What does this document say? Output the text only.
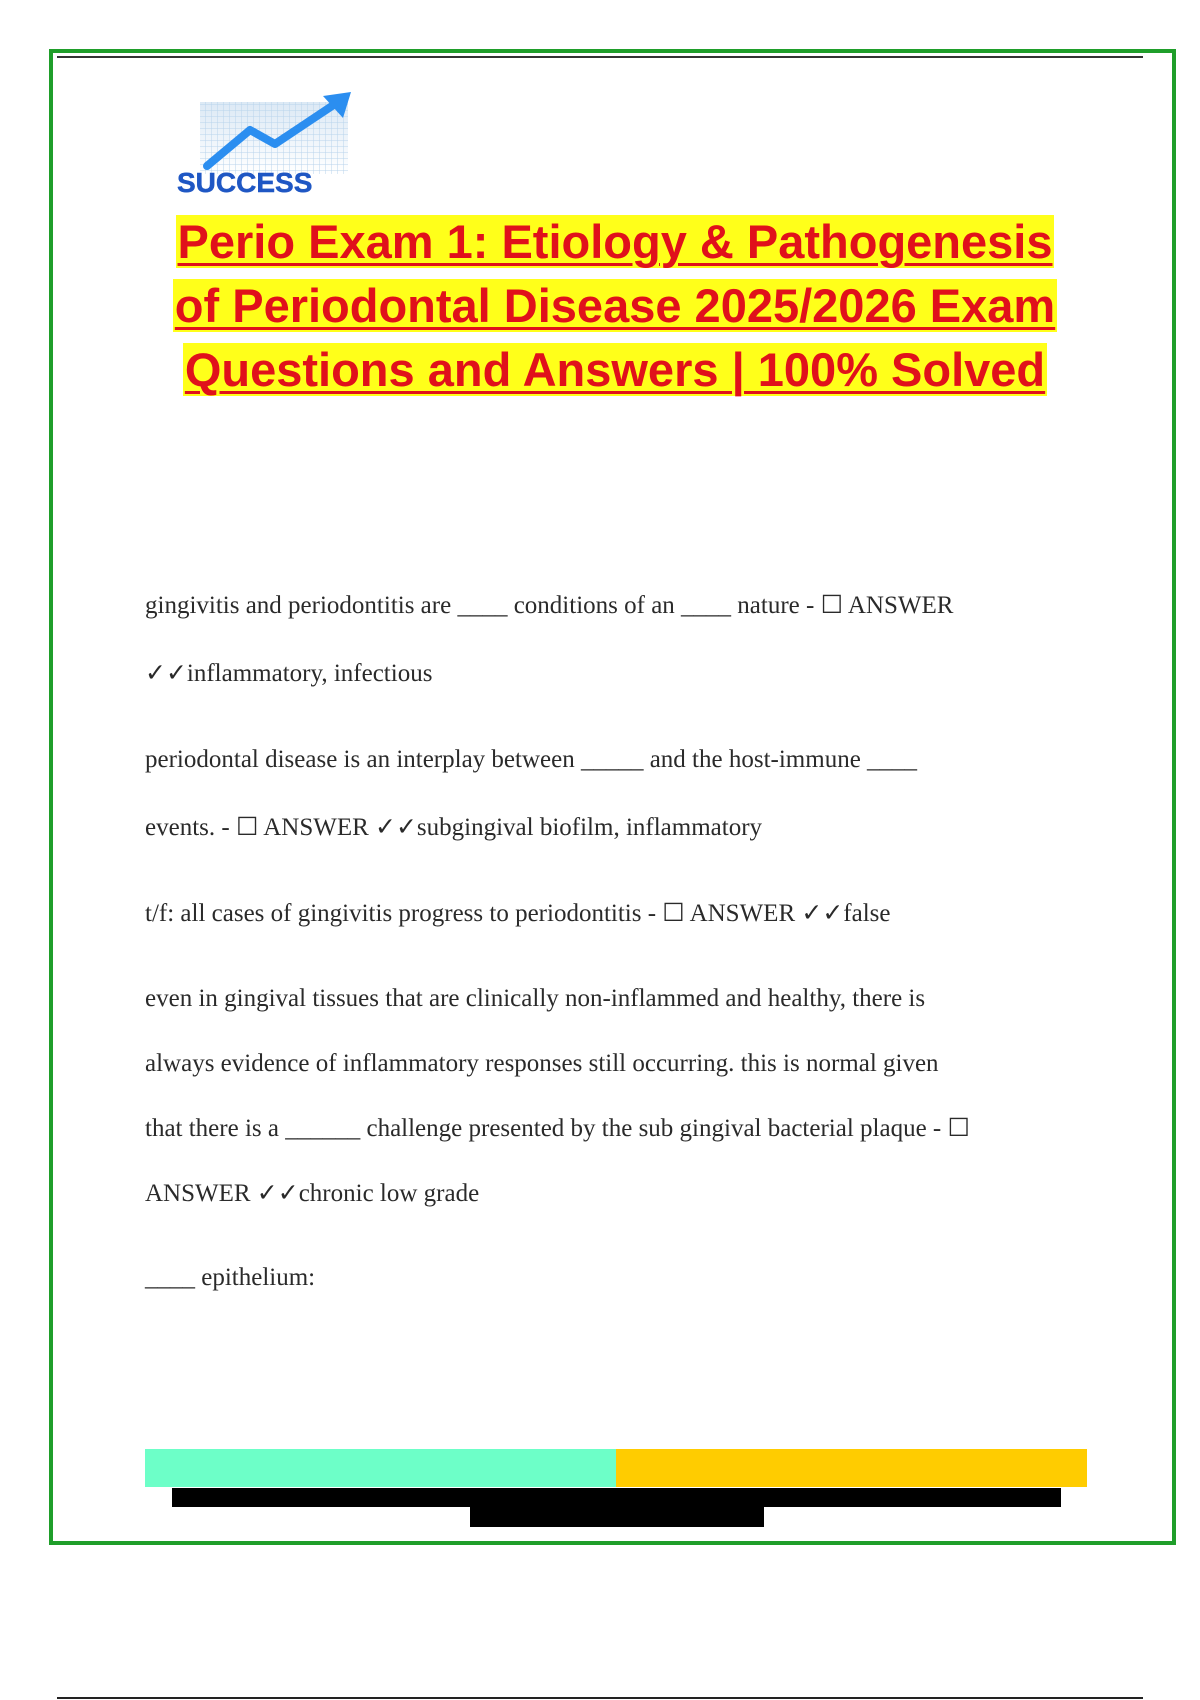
SUCCESS
Perio Exam 1: Etiology & Pathogenesis
of Periodontal Disease 2025/2026 Exam
Questions and Answers | 100% Solved
gingivitis and periodontitis are ____ conditions of an ____ nature - ☐ ANSWER
✓✓inflammatory, infectious
periodontal disease is an interplay between _____ and the host-immune ____
events. - ☐ ANSWER ✓✓subgingival biofilm, inflammatory
t/f: all cases of gingivitis progress to periodontitis - ☐ ANSWER ✓✓false
even in gingival tissues that are clinically non-inflammed and healthy, there is
always evidence of inflammatory responses still occurring. this is normal given
that there is a ______ challenge presented by the sub gingival bacterial plaque - ☐
ANSWER ✓✓chronic low grade
____ epithelium:
